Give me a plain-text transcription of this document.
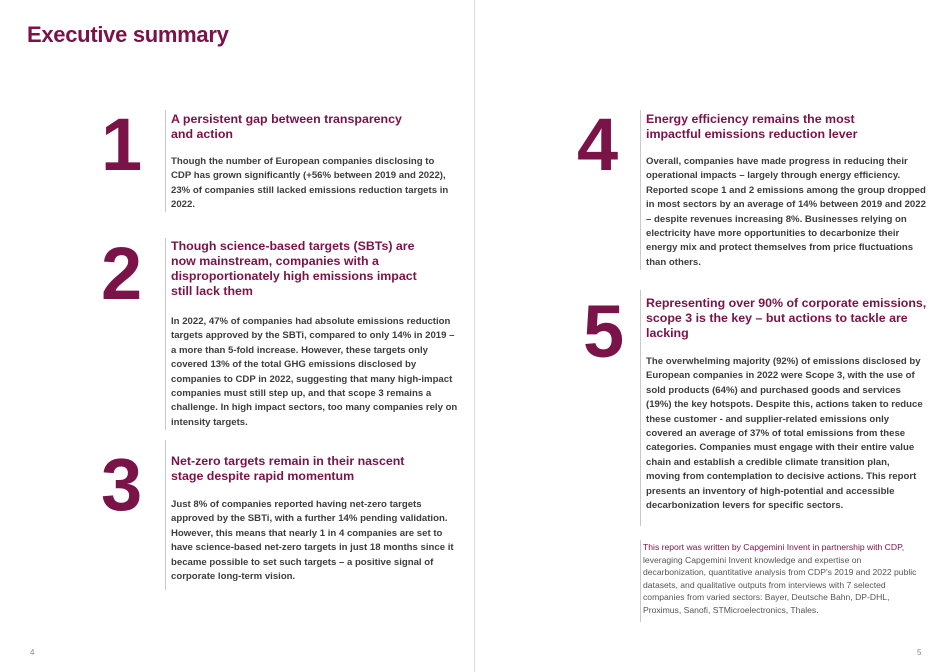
Executive summary
1 A persistent gap between transparency and action
Though the number of European companies disclosing to CDP has grown significantly (+56% between 2019 and 2022), 23% of companies still lacked emissions reduction targets in 2022.
2 Though science-based targets (SBTs) are now mainstream, companies with a disproportionately high emissions impact still lack them
In 2022, 47% of companies had absolute emissions reduction targets approved by the SBTi, compared to only 14% in 2019 – a more than 5-fold increase. However, these targets only covered 13% of the total GHG emissions disclosed by companies to CDP in 2022, suggesting that many high-impact companies must still step up, and that scope 3 remains a challenge. In high impact sectors, too many companies rely on intensity targets.
3 Net-zero targets remain in their nascent stage despite rapid momentum
Just 8% of companies reported having net-zero targets approved by the SBTi, with a further 14% pending validation. However, this means that nearly 1 in 4 companies are set to have science-based net-zero targets in just 18 months since it became possible to set such targets – a positive signal of corporate long-term vision.
4 Energy efficiency remains the most impactful emissions reduction lever
Overall, companies have made progress in reducing their operational impacts – largely through energy efficiency. Reported scope 1 and 2 emissions among the group dropped in most sectors by an average of 14% between 2019 and 2022 – despite revenues increasing 8%. Businesses relying on electricity have more opportunities to decarbonize their energy mix and protect themselves from price fluctuations than others.
5 Representing over 90% of corporate emissions, scope 3 is the key – but actions to tackle are lacking
The overwhelming majority (92%) of emissions disclosed by European companies in 2022 were Scope 3, with the use of sold products (64%) and purchased goods and services (19%) the key hotspots. Despite this, actions taken to reduce these customer - and supplier-related emissions only covered an average of 37% of total emissions from these categories. Companies must engage with their entire value chain and establish a credible climate transition plan, moving from contemplation to decisive actions. This report presents an inventory of high-potential and accessible decarbonization levers for specific sectors.

This report was written by Capgemini Invent in partnership with CDP, leveraging Capgemini Invent knowledge and expertise on decarbonization, quantitative analysis from CDP's 2019 and 2022 public datasets, and qualitative outputs from interviews with 7 selected companies from varied sectors: Bayer, Deutsche Bahn, DP-DHL, Proximus, Sanofi, STMicroelectronics, Thales.

4	5
